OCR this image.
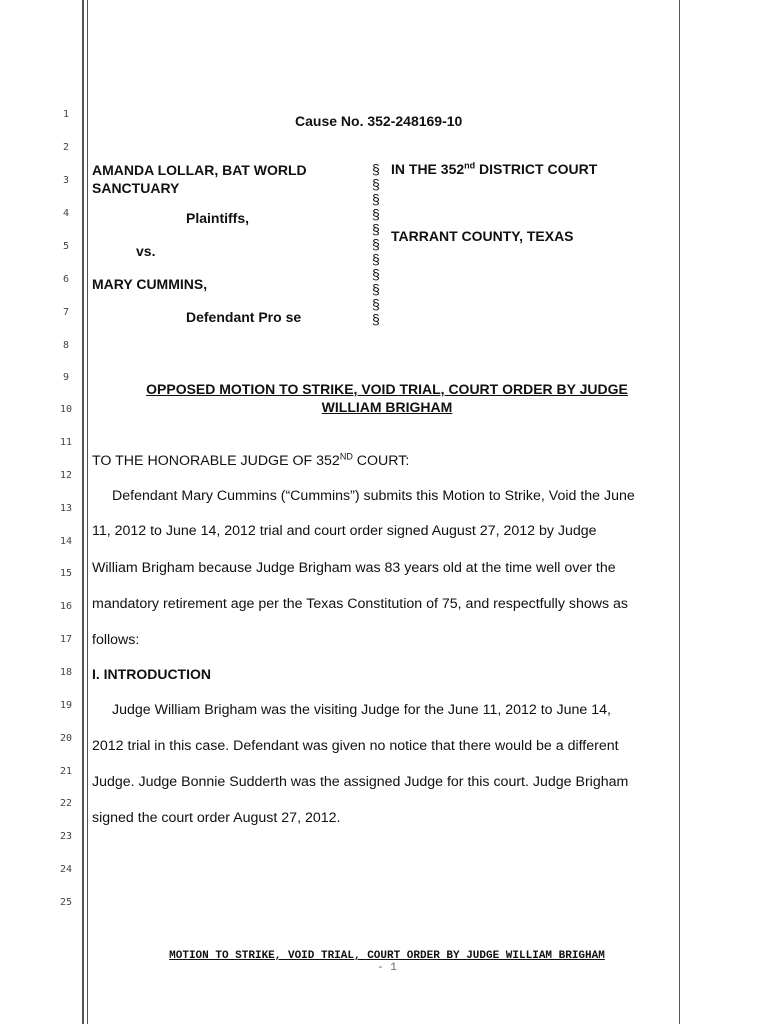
1
2
3
4
5
6
7
8
9
10
11
12
13
14
15
16
17
18
19
20
21
22
23
24
25
Cause No. 352-248169-10
AMANDA LOLLAR, BAT WORLD
SANCTUARY
Plaintiffs,
vs.
MARY CUMMINS,
Defendant Pro se
§
§
§
§
§
§
§
§
§
§
§
IN THE 352nd DISTRICT COURT
TARRANT COUNTY, TEXAS
OPPOSED MOTION TO STRIKE, VOID TRIAL, COURT ORDER BY JUDGE
WILLIAM BRIGHAM
TO THE HONORABLE JUDGE OF 352ND COURT:
Defendant Mary Cummins (“Cummins”) submits this Motion to Strike, Void the June
11, 2012 to June 14, 2012 trial and court order signed August 27, 2012 by Judge
William Brigham because Judge Brigham was 83 years old at the time well over the
mandatory retirement age per the Texas Constitution of 75, and respectfully shows as
follows:
I. INTRODUCTION
Judge William Brigham was the visiting Judge for the June 11, 2012 to June 14,
2012 trial in this case. Defendant was given no notice that there would be a different
Judge. Judge Bonnie Sudderth was the assigned Judge for this court. Judge Brigham
signed the court order August 27, 2012.
MOTION TO STRIKE, VOID TRIAL, COURT ORDER BY JUDGE WILLIAM BRIGHAM
- 1
